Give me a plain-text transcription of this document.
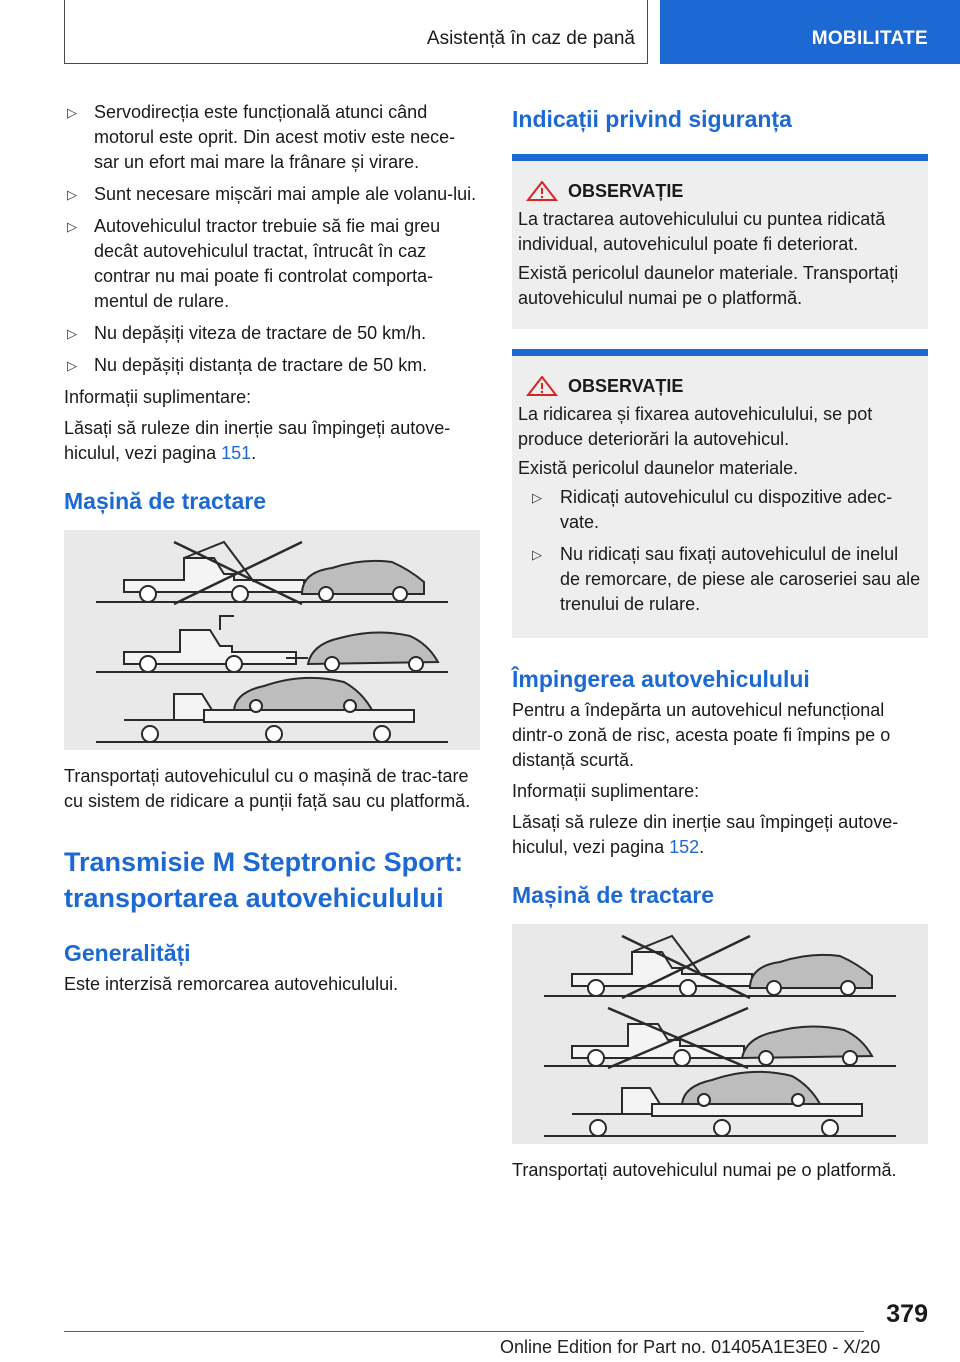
Asistență în caz de pană	MOBILITATE
▷ Servodirecția este funcțională atunci când motorul este oprit. Din acest motiv este nece-sar un efort mai mare la frânare și virare.
▷ Sunt necesare mișcări mai ample ale volanu-lui.
▷ Autovehiculul tractor trebuie să fie mai greu decât autovehiculul tractat, întrucât în caz contrar nu mai poate fi controlat comporta-mentul de rulare.
▷ Nu depășiți viteza de tractare de 50 km/h.
▷ Nu depășiți distanța de tractare de 50 km.

Informații suplimentare:

Lăsați să ruleze din inerție sau împingeți autove-hiculul, vezi pagina 151.

Mașină de tractare

Transportați autovehiculul cu o mașină de trac-tare cu sistem de ridicare a punții față sau cu platformă.

Transmisie M Steptronic Sport: transportarea autovehiculului
Generalități

Este interzisă remorcarea autovehiculului.

Indicații privind siguranța
OBSERVAȚIE

La tractarea autovehiculului cu puntea ridicată individual, autovehiculul poate fi deteriorat.

Există pericolul daunelor materiale. Transportați autovehiculul numai pe o platformă.

OBSERVAȚIE

La ridicarea și fixarea autovehiculului, se pot produce deteriorări la autovehicul.

Există pericolul daunelor materiale.

▷ Ridicați autovehiculul cu dispozitive adec-vate.
▷ Nu ridicați sau fixați autovehiculul de inelul de remorcare, de piese ale caroseriei sau ale trenului de rulare.
Împingerea autovehiculului

Pentru a îndepărta un autovehicul nefuncțional dintr-o zonă de risc, acesta poate fi împins pe o distanță scurtă.

Informații suplimentare:

Lăsați să ruleze din inerție sau împingeți autove-hiculul, vezi pagina 152.

Mașină de tractare

Transportați autovehiculul numai pe o platformă.

379
Online Edition for Part no. 01405A1E3E0 - X/20
